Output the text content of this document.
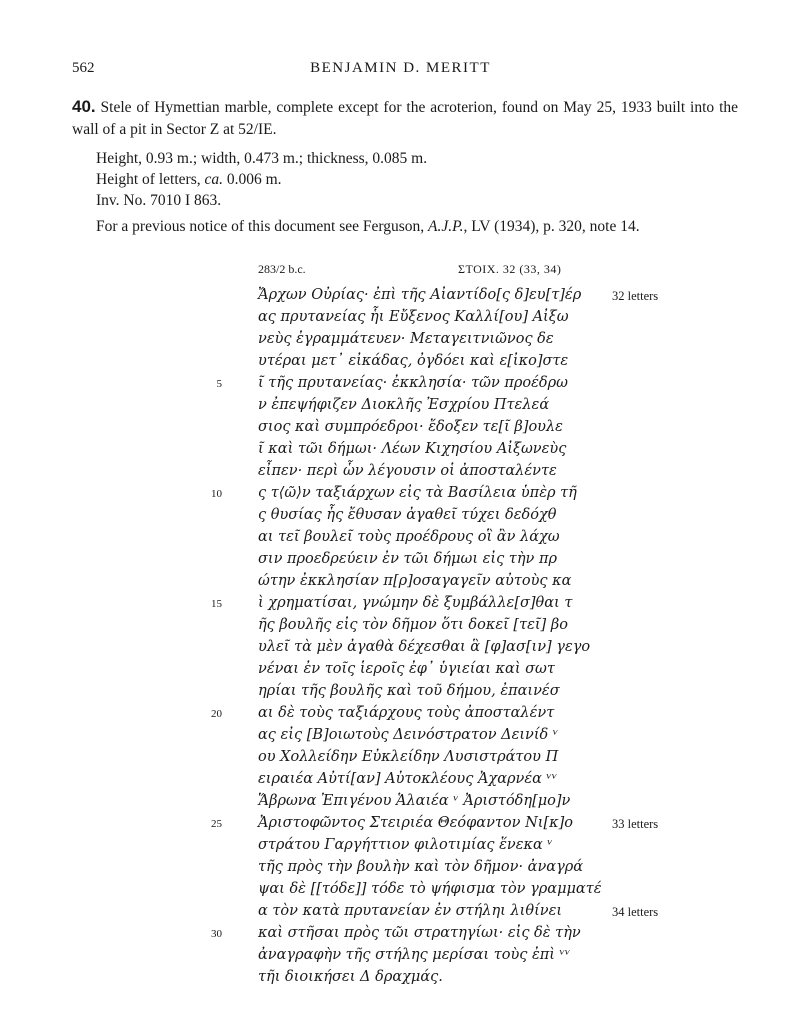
562	BENJAMIN D. MERITT
40. Stele of Hymettian marble, complete except for the acroterion, found on May 25, 1933 built into the wall of a pit in Sector Ζ at 52/ΙΕ.
Height, 0.93 m.; width, 0.473 m.; thickness, 0.085 m.
Height of letters, ca. 0.006 m.
Inv. No. 7010 I 863.
For a previous notice of this document see Ferguson, A.J.P., LV (1934), p. 320, note 14.
283/2 b.c.	ΣΤΟΙΧ. 32 (33, 34)
Ἄρχων Οὐρίας· ἐπὶ τῆς Αἰαντίδο[ς δ]ευ[τ]έρ
ας πρυτανείας ἧι Εὔξενος Καλλί[ου] Αἰξω
νεὺς ἐγραμμάτευεν· Μεταγειτνιῶνος δε
υτέραι μετ᾽ εἰκάδας, ὀγδόει καὶ ε[ἰκο]στε
ῖ τῆς πρυτανείας· ἐκκλησία· τῶν προέδρω
ν ἐπεψήφιζεν Διοκλῆς Ἐσχρίου Πτελεά
σιος καὶ συμπρόεδροι· ἔδοξεν τε[ῖ β]ουλε
ῖ καὶ τῶι δήμωι· Λέων Κιχησίου Αἰξωνεὺς
εἶπεν· περὶ ὧν λέγουσιν οἱ ἀποσταλέντε
ς τ⟨ῶ⟩ν ταξιάρχων εἰς τὰ Βασίλεια ὑπὲρ τῆ
ς θυσίας ἧς ἔθυσαν ἀγαθεῖ τύχει δεδόχθ
αι τεῖ βουλεῖ τοὺς προέδρους οἳ ἂν λάχω
σιν προεδρεύειν ἐν τῶι δήμωι εἰς τὴν πρ
ώτην ἐκκλησίαν π[ρ]οσαγαγεῖν αὐτοὺς κα
ὶ χρηματίσαι, γνώμην δὲ ξυμβάλλε[σ]θαι τ
ῆς βουλῆς εἰς τὸν δῆμον ὅτι δοκεῖ [τεῖ] βο
υλεῖ τὰ μὲν ἀγαθὰ δέχεσθαι ἃ [φ]ασ[ιν] γεγο
νέναι ἐν τοῖς ἱεροῖς ἐφ᾽ ὑγιείαι καὶ σωτ
ηρίαι τῆς βουλῆς καὶ τοῦ δήμου, ἐπαινέσ
αι δὲ τοὺς ταξιάρχους τοὺς ἀποσταλέντ
ας εἰς [Β]οιωτοὺς Δεινόστρατον Δεινίδ ᵛ
ου Χολλείδην Εὐκλείδην Λυσιστράτου Π
ειραιέα Αὐτί[αν] Αὐτοκλέους Ἀχαρνέα ᵛᵛ
Ἅβρωνα Ἐπιγένου Ἁλαιέα ᵛ Ἀριστόδη[μο]ν
Ἀριστοφῶντος Στειριέα Θεόφαντον Νι[κ]ο
στράτου Γαργήττιον φιλοτιμίας ἕνεκα ᵛ
τῆς πρὸς τὴν βουλὴν καὶ τὸν δῆμον· ἀναγρά
ψαι δὲ [[τόδε]] τόδε τὸ ψήφισμα τὸν γραμματέ
α τὸν κατὰ πρυτανείαν ἐν στήληι λιθίνει
καὶ στῆσαι πρὸς τῶι στρατηγίωι· εἰς δὲ τὴν
ἀναγραφὴν τῆς στήλης μερίσαι τοὺς ἐπὶ ᵛᵛ
τῆι διοικήσει Δ δραχμάς.
5
10
15
20
25
30
32 letters
33 letters
34 letters
